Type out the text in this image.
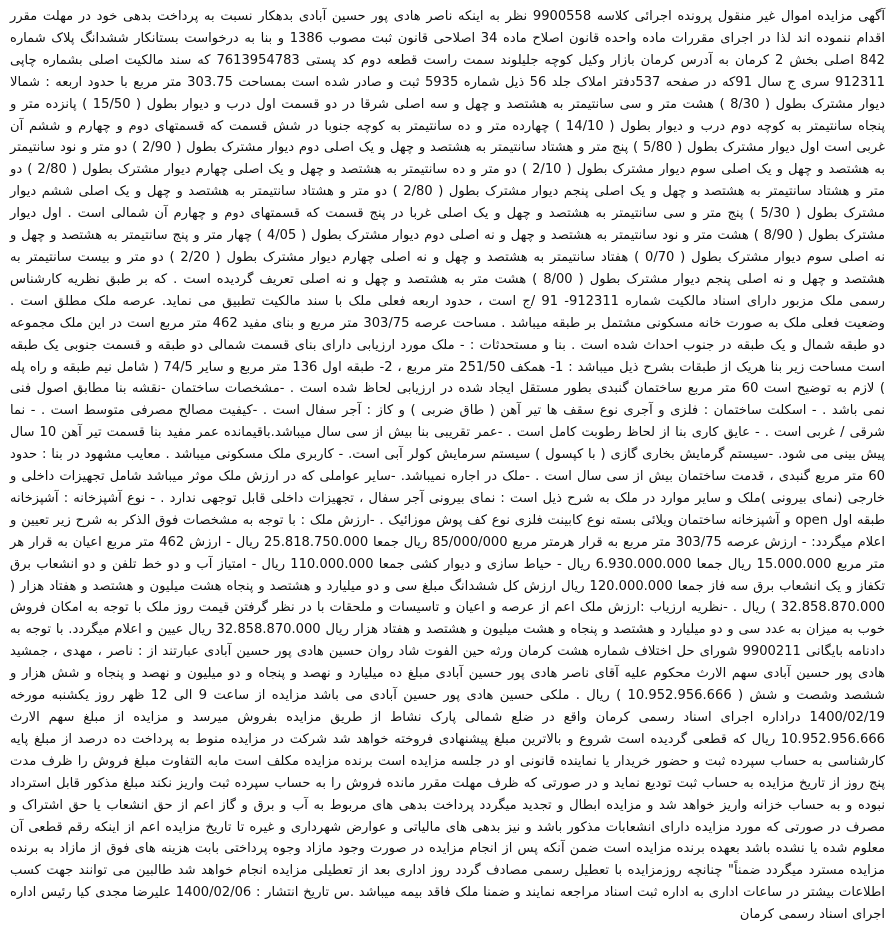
آگهی مزایده اموال غیر منقول پرونده اجرائی کلاسه 9900558 نظر به اینکه ناصر هادی پور حسین آبادی بدهکار نسبت به پرداخت بدهی خود در مهلت مقرر اقدام ننموده اند لذا در اجرای مقررات ماده واحده قانون اصلاح ماده 34 اصلاحی قانون ثبت مصوب 1386 و بنا به درخواست بستانکار ششدانگ پلاک شماره 842 اصلی بخش 2 کرمان به آدرس کرمان بازار وکیل کوچه جلیلوند سمت راست قطعه دوم کد پستی 7613954783 که سند مالکیت اصلی بشماره چاپی 912311 سری ج سال 91که در صفحه 537دفتر املاک جلد 56 ذیل شماره 5935 ثبت و صادر شده است بمساحت 303.75 متر مربع با حدود اربعه : شمالا دیوار مشترک بطول ( 8/30 ) هشت متر و سی سانتیمتر به هشتصد و چهل و سه اصلی شرقا در دو قسمت اول درب و دیوار بطول ( 15/50 ) پانزده متر و پنجاه سانتیمتر به کوچه دوم درب و دیوار بطول ( 14/10 ) چهارده متر و ده سانتیمتر به کوچه جنوبا در شش قسمت که قسمتهای دوم و چهارم و ششم آن غربی است اول دیوار مشترک بطول ( 5/80 ) پنج متر و هشتاد سانتیمتر به هشتصد و چهل و یک اصلی دوم دیوار مشترک بطول ( 2/90 ) دو متر و نود سانتیمتر به هشتصد و چهل و یک اصلی سوم دیوار مشترک بطول ( 2/10 ) دو متر و ده سانتیمتر به هشتصد و چهل و یک اصلی چهارم دیوار مشترک بطول ( 2/80 ) دو متر و هشتاد سانتیمتر به هشتصد و چهل و یک اصلی پنجم دیوار مشترک بطول ( 2/80 ) دو متر و هشتاد سانتیمتر به هشتصد و چهل و یک اصلی ششم دیوار مشترک بطول ( 5/30 ) پنج متر و سی سانتیمتر به هشتصد و چهل و یک اصلی غربا در پنج قسمت که قسمتهای دوم و چهارم آن شمالی است . اول دیوار مشترک بطول ( 8/90 ) هشت متر و نود سانتیمتر به هشتصد و چهل و نه اصلی دوم دیوار مشترک بطول ( 4/05 ) چهار متر و پنج سانتیمتر به هشتصد و چهل و نه اصلی سوم دیوار مشترک بطول ( 0/70 ) هفتاد سانتیمتر به هشتصد و چهل و نه اصلی چهارم دیوار مشترک بطول ( 2/20 ) دو متر و بیست سانتیمتر به هشتصد و چهل و نه اصلی پنجم دیوار مشترک بطول ( 8/00 ) هشت متر به هشتصد و چهل و نه اصلی تعریف گردیده است . که بر طبق نظریه کارشناس رسمی ملک مزبور دارای اسناد مالکیت شماره 912311- 91 /ج است ، حدود اربعه فعلی ملک با سند مالکیت تطبیق می نماید. عرصه ملک مطلق است . وضعیت فعلی ملک به صورت خانه مسکونی مشتمل بر طبقه میباشد . مساحت عرصه 303/75 متر مربع و بنای مفید 462 متر مربع است در این ملک مجموعه دو طبقه شمال و یک طبقه در جنوب احداث شده است . بنا و مستحدثات : - ملک مورد ارزیابی دارای بنای قسمت شمالی دو طبقه و قسمت جنوبی یک طبقه است مساحت زیر بنا هریک از طبقات بشرح ذیل میباشد : 1- همکف 251/50 متر مربع ، 2- طبقه اول 136 متر مربع و سایر 74/5 ( شامل نیم طبقه و راه پله ) لازم به توضیح است 60 متر مربع ساختمان گنبدی بطور مستقل ایجاد شده در ارزیابی لحاظ شده است . -مشخصات ساختمان -نقشه بنا مطابق اصول فنی نمی باشد . - اسکلت ساختمان : فلزی و آجری نوع سقف ها تیر آهن ( طاق ضربی ) و کاز : آجر سفال است . -کیفیت مصالح مصرفی متوسط است . - نما شرقی / غربی است . - عایق کاری بنا از لحاظ رطوبت کامل است . -عمر تقریبی بنا بیش از سی سال میباشد.باقیمانده عمر مفید بنا قسمت تیر آهن 10 سال پیش بینی می شود. -سیستم گرمایش بخاری گازی ( با کپسول ) سیستم سرمایش کولر آبی است. - کاربری ملک مسکونی میباشد . معایب مشهود در بنا : حدود 60 متر مربع گنبدی ، قدمت ساختمان بیش از سی سال است . -ملک در اجاره نمیباشد. -سایر عواملی که در ارزش ملک موثر میباشد شامل تجهیزات داخلی و خارجی (نمای بیرونی )ملک و سایر موارد در ملک به شرح ذیل است : نمای بیرونی آجر سفال ، تجهیزات داخلی قابل توجهی ندارد . - نوع آشپزخانه : آشپزخانه طبقه اول open و آشپزخانه ساختمان ویلائی بسته نوع کابینت فلزی نوع کف پوش موزائیک . -ارزش ملک : با توجه به مشخصات فوق الذکر به شرح زیر تعیین و اعلام میگردد: - ارزش عرصه 303/75 متر مربع به قرار هرمتر مربع 85/000/000 ریال جمعا 25.818.750.000 ریال - ارزش 462 متر مربع اعیان به قرار هر متر مربع 15.000.000 ریال جمعا 6.930.000.000 ریال - حیاط سازی و دیوار کشی جمعا 110.000.000 ریال - امتیاز آب و دو خط تلفن و دو انشعاب برق تکفاز و یک انشعاب برق سه فاز جمعا 120.000.000 ریال ارزش کل ششدانگ مبلغ سی و دو میلیارد و هشتصد و پنجاه هشت میلیون و هشتصد و هفتاد هزار ( 32.858.870.000 ) ریال . -نظریه ارزیاب :ارزش ملک اعم از عرصه و اعیان و تاسیسات و ملحقات با در نظر گرفتن قیمت روز ملک با توجه به امکان فروش خوب به میزان به عدد سی و دو میلیارد و هشتصد و پنجاه و هشت میلیون و هشتصد و هفتاد هزار ریال 32.858.870.000 ریال عیین و اعلام میگردد. با توجه به دادنامه بایگانی 9900211 شورای حل اختلاف شماره هشت کرمان ورثه حین الفوت شاد روان حسین هادی پور حسین آبادی عبارتند از : ناصر ، مهدی ، جمشید هادی پور حسین آبادی سهم الارث محکوم علیه آقای ناصر هادی پور حسین آبادی مبلغ ده میلیارد و نهصد و پنجاه و دو میلیون و نهصد و پنجاه و شش هزار و ششصد وشصت و شش ( 10.952.956.666 ) ریال . ملکی حسین هادی پور حسین آبادی می باشد مزایده از ساعت 9 الی 12 ظهر روز یکشنبه مورخه 1400/02/19 دراداره اجرای اسناد رسمی کرمان واقع در ضلع شمالی پارک نشاط از طریق مزایده بفروش میرسد و مزایده از مبلغ سهم الارث 10.952.956.666 ریال که قطعی گردیده است شروع و بالاترین مبلغ پیشنهادی فروخته خواهد شد شرکت در مزایده منوط به پرداخت ده درصد از مبلغ پایه کارشناسی به حساب سپرده ثبت و حضور خریدار یا نماینده قانونی او در جلسه مزایده است برنده مزایده مکلف است مابه التفاوت مبلغ فروش را ظرف مدت پنج روز از تاریخ مزایده به حساب ثبت تودیع نماید و در صورتی که ظرف مهلت مقرر مانده فروش را به حساب سپرده ثبت واریز نکند مبلغ مذکور قابل استرداد نبوده و به حساب خزانه واریز خواهد شد و مزایده ابطال و تجدید میگردد پرداخت بدهی های مربوط به آب و برق و گاز اعم از حق انشعاب یا حق اشتراک و مصرف در صورتی که مورد مزایده دارای انشعابات مذکور باشد و نیز بدهی های مالیاتی و عوارض شهرداری و غیره تا تاریخ مزایده اعم از اینکه رقم قطعی آن معلوم شده یا نشده باشد بعهده برنده مزایده است ضمن آنکه پس از انجام مزایده در صورت وجود مازاد وجوه پرداختی بابت هزینه های فوق از مازاد به برنده مزایده مسترد میگردد ضمناً" چنانچه روزمزایده با تعطیل رسمی مصادف گردد روز اداری بعد از تعطیلی مزایده انجام خواهد شد طالبین می توانند جهت کسب اطلاعات بیشتر در ساعات اداری به اداره ثبت اسناد مراجعه نمایند و ضمنا ملک فاقد بیمه میباشد .س تاریخ انتشار : 1400/02/06 علیرضا مجدی کیا رئیس اداره اجرای اسناد رسمی کرمان
